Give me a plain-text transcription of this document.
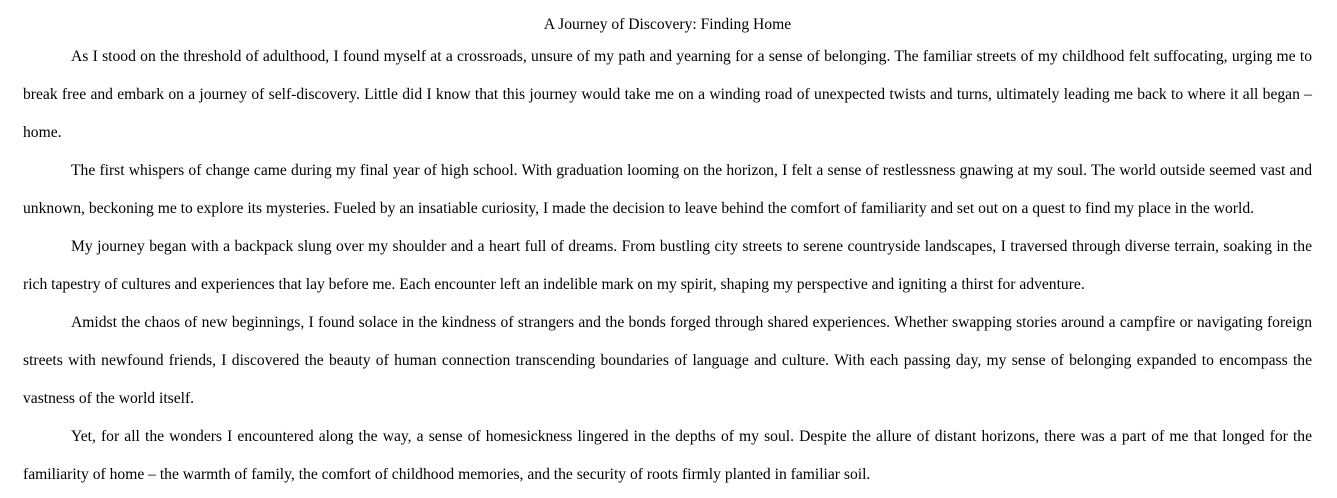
A Journey of Discovery: Finding Home

As I stood on the threshold of adulthood, I found myself at a crossroads, unsure of my path and yearning for a sense of belonging. The familiar streets of my childhood felt suffocating, urging me to break free and embark on a journey of self-discovery. Little did I know that this journey would take me on a winding road of unexpected twists and turns, ultimately leading me back to where it all began – home.

The first whispers of change came during my final year of high school. With graduation looming on the horizon, I felt a sense of restlessness gnawing at my soul. The world outside seemed vast and unknown, beckoning me to explore its mysteries. Fueled by an insatiable curiosity, I made the decision to leave behind the comfort of familiarity and set out on a quest to find my place in the world.

My journey began with a backpack slung over my shoulder and a heart full of dreams. From bustling city streets to serene countryside landscapes, I traversed through diverse terrain, soaking in the rich tapestry of cultures and experiences that lay before me. Each encounter left an indelible mark on my spirit, shaping my perspective and igniting a thirst for adventure.

Amidst the chaos of new beginnings, I found solace in the kindness of strangers and the bonds forged through shared experiences. Whether swapping stories around a campfire or navigating foreign streets with newfound friends, I discovered the beauty of human connection transcending boundaries of language and culture. With each passing day, my sense of belonging expanded to encompass the vastness of the world itself.

Yet, for all the wonders I encountered along the way, a sense of homesickness lingered in the depths of my soul. Despite the allure of distant horizons, there was a part of me that longed for the familiarity of home – the warmth of family, the comfort of childhood memories, and the security of roots firmly planted in familiar soil.
